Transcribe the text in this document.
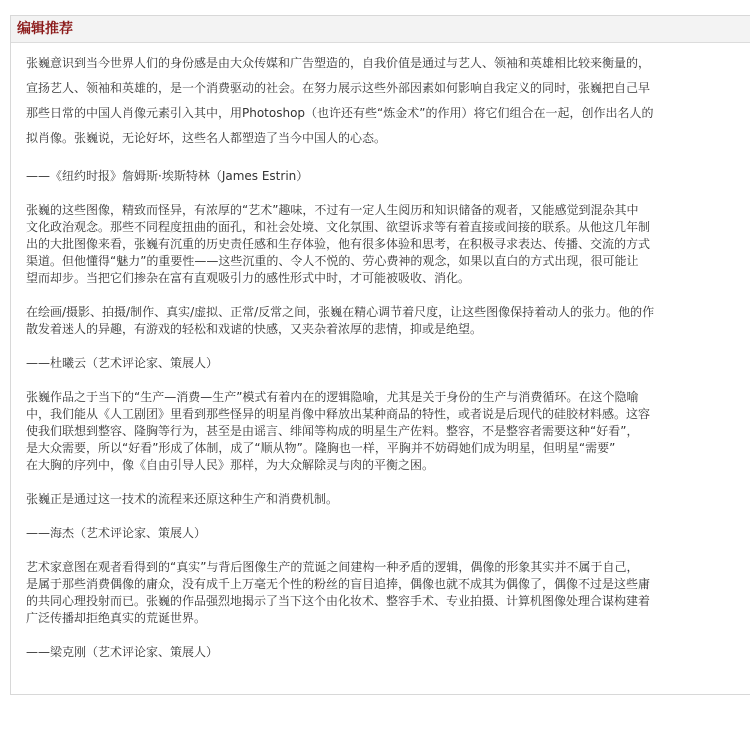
编辑推荐
张巍意识到当今世界人们的身份感是由大众传媒和广告塑造的，自我价值是通过与艺人、领袖和英雄相比较来衡量的，
宣扬艺人、领袖和英雄的，是一个消费驱动的社会。在努力展示这些外部因素如何影响自我定义的同时，张巍把自己早
那些日常的中国人肖像元素引入其中，用Photoshop（也许还有些“炼金术”的作用）将它们组合在一起，创作出名人的
拟肖像。张巍说，无论好坏，这些名人都塑造了当今中国人的心态。
——《纽约时报》詹姆斯·埃斯特林（James Estrin）
张巍的这些图像，精致而怪异，有浓厚的“艺术”趣味，不过有一定人生阅历和知识储备的观者，又能感觉到混杂其中
文化政治观念。那些不同程度扭曲的面孔，和社会处境、文化氛围、欲望诉求等有着直接或间接的联系。从他这几年制
出的大批图像来看，张巍有沉重的历史责任感和生存体验，他有很多体验和思考，在积极寻求表达、传播、交流的方式
渠道。但他懂得“魅力”的重要性——这些沉重的、令人不悦的、劳心费神的观念，如果以直白的方式出现，很可能让
望而却步。当把它们掺杂在富有直观吸引力的感性形式中时，才可能被吸收、消化。
在绘画/摄影、拍摄/制作、真实/虚拟、正常/反常之间，张巍在精心调节着尺度，让这些图像保持着动人的张力。他的作
散发着迷人的异趣，有游戏的轻松和戏谑的快感，又夹杂着浓厚的悲情，抑或是绝望。
——杜曦云（艺术评论家、策展人）
张巍作品之于当下的“生产—消费—生产”模式有着内在的逻辑隐喻，尤其是关于身份的生产与消费循环。在这个隐喻
中，我们能从《人工剧团》里看到那些怪异的明星肖像中释放出某种商品的特性，或者说是后现代的硅胶材料感。这容
使我们联想到整容、隆胸等行为，甚至是由谣言、绯闻等构成的明星生产佐料。整容，不是整容者需要这种“好看”，
是大众需要，所以“好看”形成了体制，成了“顺从物”。隆胸也一样，平胸并不妨碍她们成为明星，但明星“需要”
在大胸的序列中，像《自由引导人民》那样，为大众解除灵与肉的平衡之困。
张巍正是通过这一技术的流程来还原这种生产和消费机制。
——海杰（艺术评论家、策展人）
艺术家意图在观者看得到的“真实”与背后图像生产的荒诞之间建构一种矛盾的逻辑，偶像的形象其实并不属于自己，
是属于那些消费偶像的庸众，没有成千上万毫无个性的粉丝的盲目追捧，偶像也就不成其为偶像了，偶像不过是这些庸
的共同心理投射而已。张巍的作品强烈地揭示了当下这个由化妆术、整容手术、专业拍摄、计算机图像处理合谋构建着
广泛传播却拒绝真实的荒诞世界。
——梁克刚（艺术评论家、策展人）
